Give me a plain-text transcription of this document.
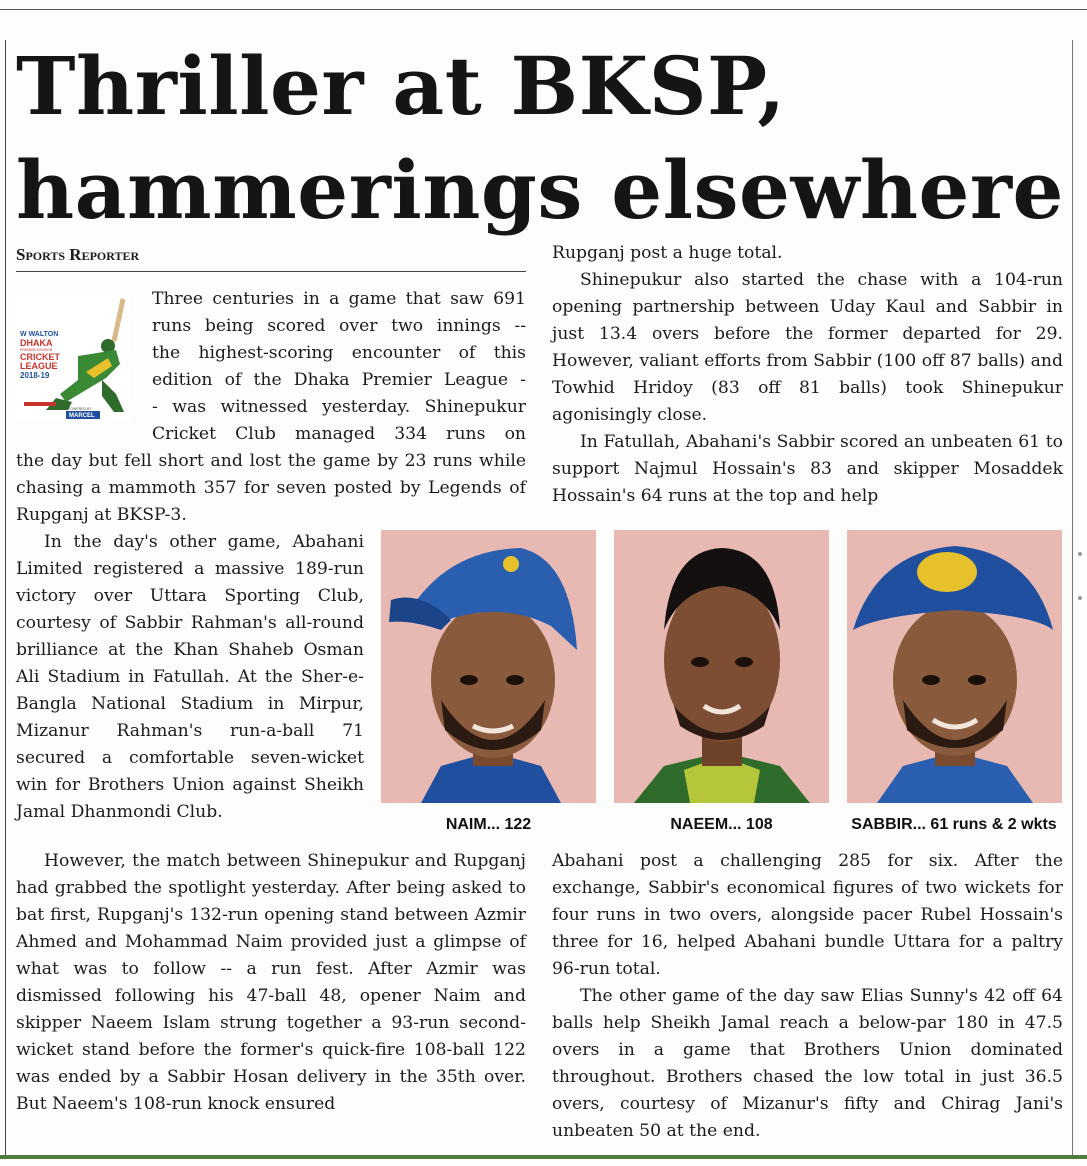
Thriller at BKSP,
hammerings elsewhere
Sports Reporter
W WALTON
DHAKA
PREMIER DIVISION
CRICKET
LEAGUE
2018-19
POWERED BY
MARCEL
Three centuries in a game that saw 691
runs being scored over two innings --
the highest-scoring encounter of this
edition of the Dhaka Premier League -
- was witnessed yesterday. Shinepukur
Cricket Club managed 334 runs on

the day but fell short and lost the game by 23 runs while chasing a mammoth 357 for seven posted by Legends of Rupganj at BKSP-3.

In the day's other game, Abahani Limited registered a massive 189-run victory over Uttara Sporting Club, courtesy of Sabbir Rahman's all-round brilliance at the Khan Shaheb Osman Ali Stadium in Fatullah. At the Sher-e-Bangla National Stadium in Mirpur, Mizanur Rahman's run-a-ball 71 secured a comfortable seven-wicket win for Brothers Union against Sheikh Jamal Dhanmondi Club.

However, the match between Shinepukur and Rupganj had grabbed the spotlight yesterday. After being asked to bat first, Rupganj's 132-run opening stand between Azmir Ahmed and Mohammad Naim provided just a glimpse of what was to follow -- a run fest. After Azmir was dismissed following his 47-ball 48, opener Naim and skipper Naeem Islam strung together a 93-run second-wicket stand before the former's quick-fire 108-ball 122 was ended by a Sabbir Hosan delivery in the 35th over. But Naeem's 108-run knock ensured

Rupganj post a huge total.

Shinepukur also started the chase with a 104-run opening partnership between Uday Kaul and Sabbir in just 13.4 overs before the former departed for 29. However, valiant efforts from Sabbir (100 off 87 balls) and Towhid Hridoy (83 off 81 balls) took Shinepukur agonisingly close.

In Fatullah, Abahani's Sabbir scored an unbeaten 61 to support Najmul Hossain's 83 and skipper Mosaddek Hossain's 64 runs at the top and help

NAIM... 122	NAEEM... 108	SABBIR... 61 runs & 2 wkts

Abahani post a challenging 285 for six. After the exchange, Sabbir's economical figures of two wickets for four runs in two overs, alongside pacer Rubel Hossain's three for 16, helped Abahani bundle Uttara for a paltry 96-run total.

The other game of the day saw Elias Sunny's 42 off 64 balls help Sheikh Jamal reach a below-par 180 in 47.5 overs in a game that Brothers Union dominated throughout. Brothers chased the low total in just 36.5 overs, courtesy of Mizanur's fifty and Chirag Jani's unbeaten 50 at the end.
